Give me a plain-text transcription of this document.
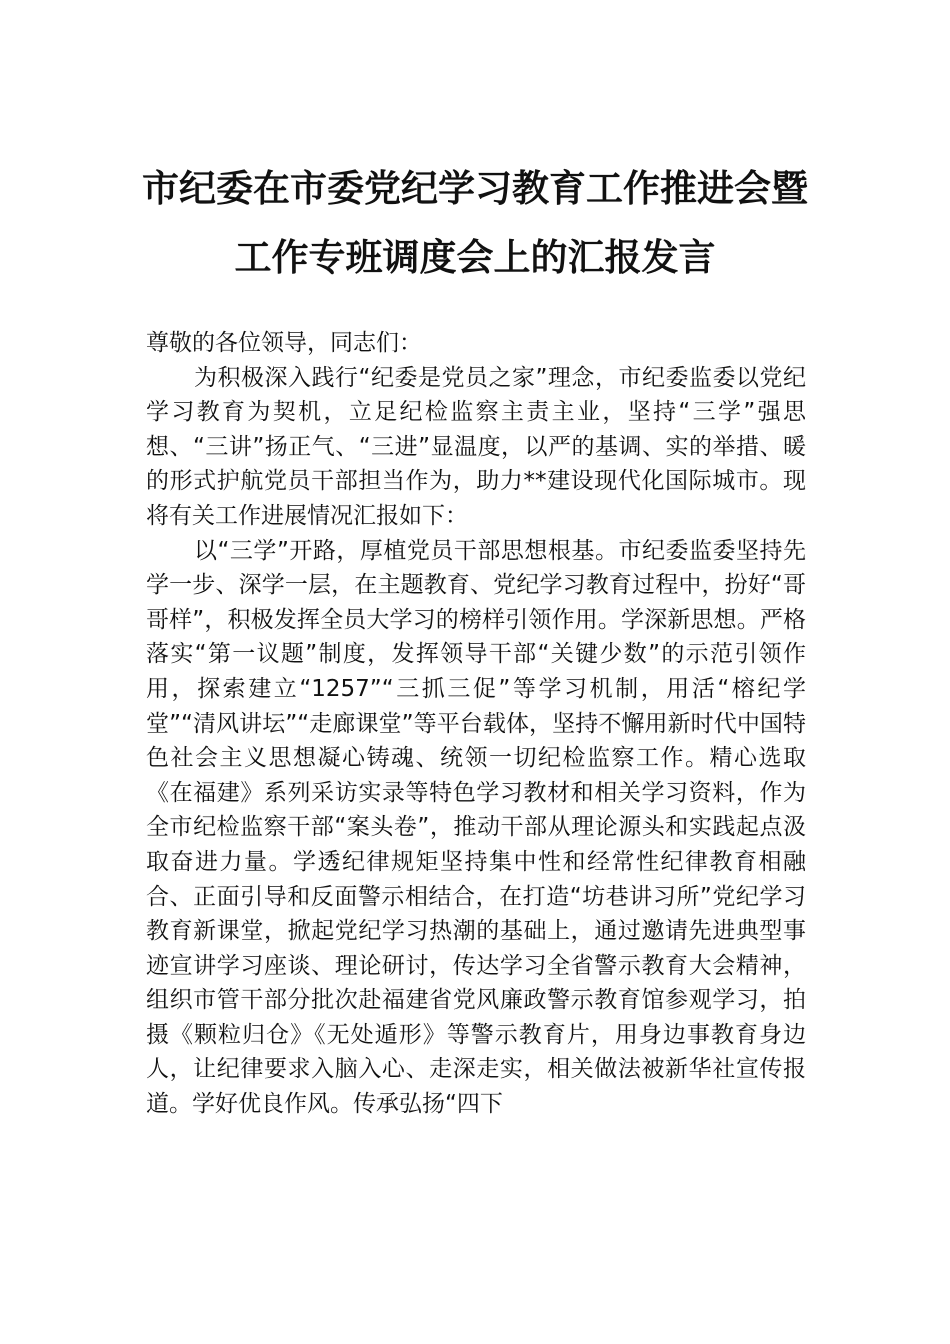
市纪委在市委党纪学习教育工作推进会暨
工作专班调度会上的汇报发言

尊敬的各位领导，同志们：

为积极深入践行“纪委是党员之家”理念，市纪委监委以党纪学习教育为契机，立足纪检监察主责主业，坚持“三学”强思想、“三讲”扬正气、“三进”显温度，以严的基调、实的举措、暖的形式护航党员干部担当作为，助力**建设现代化国际城市。现将有关工作进展情况汇报如下：

以“三学”开路，厚植党员干部思想根基。市纪委监委坚持先学一步、深学一层，在主题教育、党纪学习教育过程中，扮好“哥哥样”，积极发挥全员大学习的榜样引领作用。学深新思想。严格落实“第一议题”制度，发挥领导干部“关键少数”的示范引领作用，探索建立“1257”“三抓三促”等学习机制，用活“榕纪学堂”“清风讲坛”“走廊课堂”等平台载体，坚持不懈用新时代中国特色社会主义思想凝心铸魂、统领一切纪检监察工作。精心选取《在福建》系列采访实录等特色学习教材和相关学习资料，作为全市纪检监察干部“案头卷”，推动干部从理论源头和实践起点汲取奋进力量。学透纪律规矩坚持集中性和经常性纪律教育相融合、正面引导和反面警示相结合，在打造“坊巷讲习所”党纪学习教育新课堂，掀起党纪学习热潮的基础上，通过邀请先进典型事迹宣讲学习座谈、理论研讨，传达学习全省警示教育大会精神，组织市管干部分批次赴福建省党风廉政警示教育馆参观学习，拍摄《颗粒归仓》《无处遁形》等警示教育片，用身边事教育身边人，让纪律要求入脑入心、走深走实，相关做法被新华社宣传报道。学好优良作风。传承弘扬“四下
